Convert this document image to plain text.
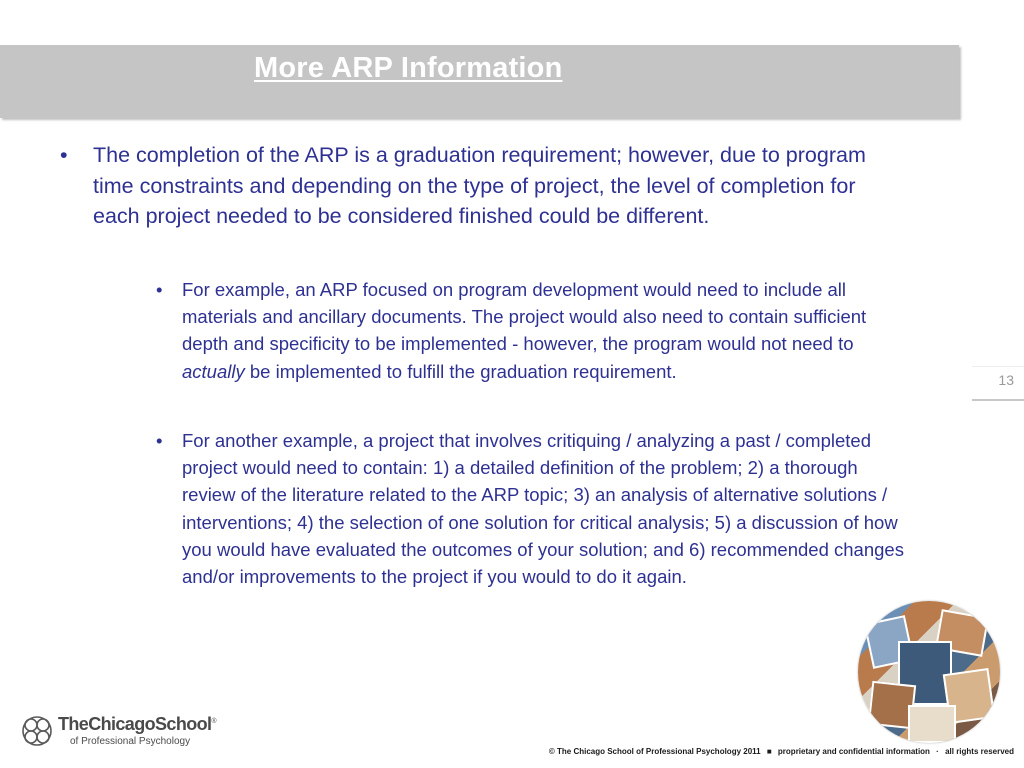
More ARP Information
• The completion of the ARP is a graduation requirement; however, due to program time constraints and depending on the type of project, the level of completion for each project needed to be considered finished could be different.
• For example, an ARP focused on program development would need to include all materials and ancillary documents. The project would also need to contain sufficient depth and specificity to be implemented - however, the program would not need to actually be implemented to fulfill the graduation requirement.
• For another example, a project that involves critiquing / analyzing a past / completed project would need to contain: 1) a detailed definition of the problem; 2) a thorough review of the literature related to the ARP topic; 3) an analysis of alternative solutions / interventions; 4) the selection of one solution for critical analysis; 5) a discussion of how you would have evaluated the outcomes of your solution; and 6) recommended changes and/or improvements to the project if you would to do it again.
13
TheChicagoSchool®
of Professional Psychology
© The Chicago School of Professional Psychology 2011 ■ proprietary and confidential information · all rights reserved
